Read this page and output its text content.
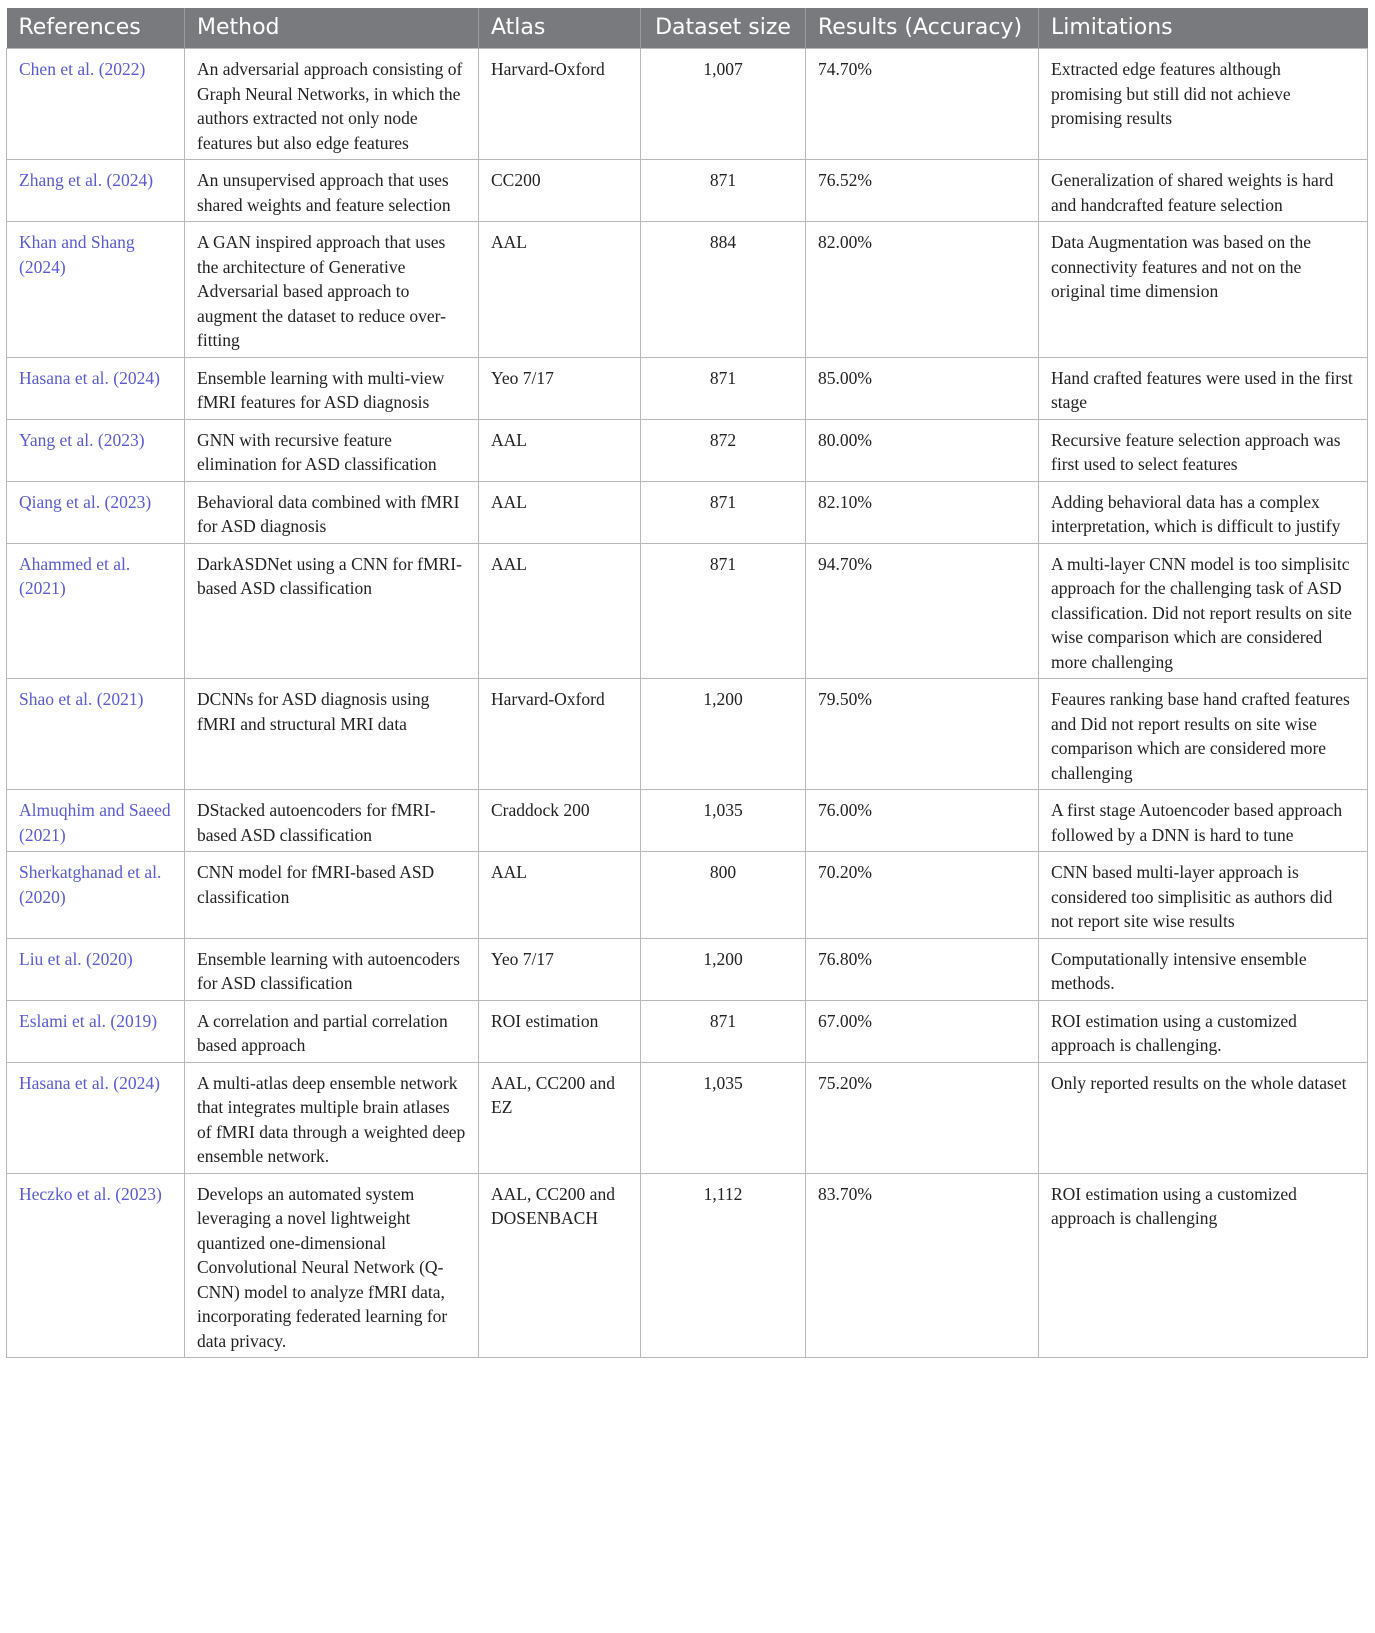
References	Method	Atlas	Dataset size	Results (Accuracy)	Limitations
Chen et al. (2022)	An adversarial approach consisting of Graph Neural Networks, in which the authors extracted not only node features but also edge features	Harvard-Oxford	1,007	74.70%	Extracted edge features although promising but still did not achieve promising results
Zhang et al. (2024)	An unsupervised approach that uses shared weights and feature selection	CC200	871	76.52%	Generalization of shared weights is hard and handcrafted feature selection
Khan and Shang (2024)	A GAN inspired approach that uses the architecture of Generative Adversarial based approach to augment the dataset to reduce over-fitting	AAL	884	82.00%	Data Augmentation was based on the connectivity features and not on the original time dimension
Hasana et al. (2024)	Ensemble learning with multi-view fMRI features for ASD diagnosis	Yeo 7/17	871	85.00%	Hand crafted features were used in the first stage
Yang et al. (2023)	GNN with recursive feature elimination for ASD classification	AAL	872	80.00%	Recursive feature selection approach was first used to select features
Qiang et al. (2023)	Behavioral data combined with fMRI for ASD diagnosis	AAL	871	82.10%	Adding behavioral data has a complex interpretation, which is difficult to justify
Ahammed et al. (2021)	DarkASDNet using a CNN for fMRI-based ASD classification	AAL	871	94.70%	A multi-layer CNN model is too simplisitc approach for the challenging task of ASD classification. Did not report results on site wise comparison which are considered more challenging
Shao et al. (2021)	DCNNs for ASD diagnosis using fMRI and structural MRI data	Harvard-Oxford	1,200	79.50%	Feaures ranking base hand crafted features and Did not report results on site wise comparison which are considered more challenging
Almuqhim and Saeed (2021)	DStacked autoencoders for fMRI-based ASD classification	Craddock 200	1,035	76.00%	A first stage Autoencoder based approach followed by a DNN is hard to tune
Sherkatghanad et al. (2020)	CNN model for fMRI-based ASD classification	AAL	800	70.20%	CNN based multi-layer approach is considered too simplisitic as authors did not report site wise results
Liu et al. (2020)	Ensemble learning with autoencoders for ASD classification	Yeo 7/17	1,200	76.80%	Computationally intensive ensemble methods.
Eslami et al. (2019)	A correlation and partial correlation based approach	ROI estimation	871	67.00%	ROI estimation using a customized approach is challenging.
Hasana et al. (2024)	A multi-atlas deep ensemble network that integrates multiple brain atlases of fMRI data through a weighted deep ensemble network.	AAL, CC200 and EZ	1,035	75.20%	Only reported results on the whole dataset
Heczko et al. (2023)	Develops an automated system leveraging a novel lightweight quantized one-dimensional Convolutional Neural Network (Q-CNN) model to analyze fMRI data, incorporating federated learning for data privacy.	AAL, CC200 and DOSENBACH	1,112	83.70%	ROI estimation using a customized approach is challenging
